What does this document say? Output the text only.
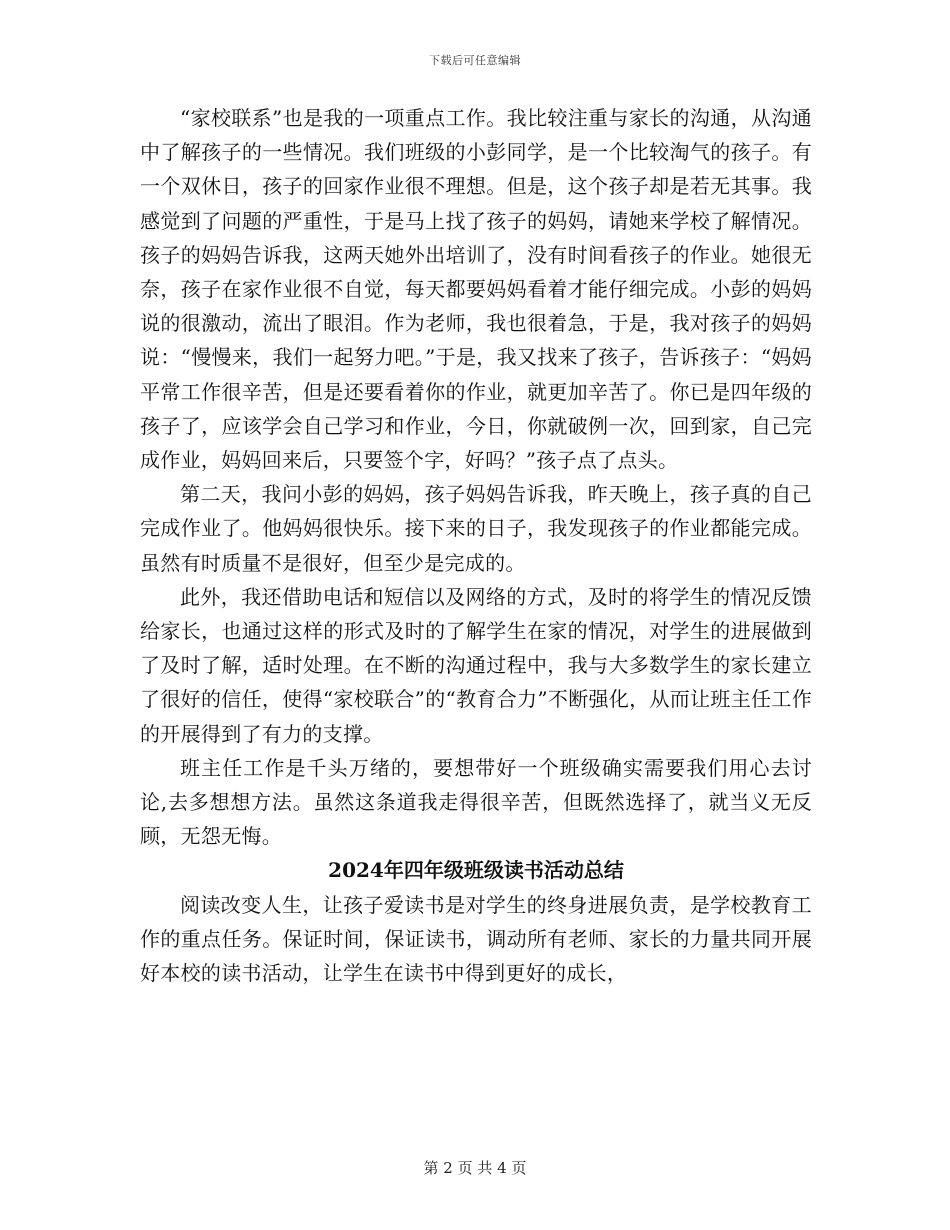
下载后可任意编辑

“家校联系”也是我的一项重点工作。我比较注重与家长的沟通，从沟通中了解孩子的一些情况。我们班级的小彭同学，是一个比较淘气的孩子。有一个双休日，孩子的回家作业很不理想。但是，这个孩子却是若无其事。我感觉到了问题的严重性，于是马上找了孩子的妈妈，请她来学校了解情况。孩子的妈妈告诉我，这两天她外出培训了，没有时间看孩子的作业。她很无奈，孩子在家作业很不自觉，每天都要妈妈看着才能仔细完成。小彭的妈妈说的很激动，流出了眼泪。作为老师，我也很着急，于是，我对孩子的妈妈说：“慢慢来，我们一起努力吧。”于是，我又找来了孩子，告诉孩子：“妈妈平常工作很辛苦，但是还要看着你的作业，就更加辛苦了。你已是四年级的孩子了，应该学会自己学习和作业，今日，你就破例一次，回到家，自己完成作业，妈妈回来后，只要签个字，好吗？”孩子点了点头。

第二天，我问小彭的妈妈，孩子妈妈告诉我，昨天晚上，孩子真的自己完成作业了。他妈妈很快乐。接下来的日子，我发现孩子的作业都能完成。虽然有时质量不是很好，但至少是完成的。

此外，我还借助电话和短信以及网络的方式，及时的将学生的情况反馈给家长，也通过这样的形式及时的了解学生在家的情况，对学生的进展做到了及时了解，适时处理。在不断的沟通过程中，我与大多数学生的家长建立了很好的信任，使得“家校联合”的“教育合力”不断强化，从而让班主任工作的开展得到了有力的支撑。

班主任工作是千头万绪的，要想带好一个班级确实需要我们用心去讨论,去多想想方法。虽然这条道我走得很辛苦，但既然选择了，就当义无反顾，无怨无悔。

2024年四年级班级读书活动总结

阅读改变人生，让孩子爱读书是对学生的终身进展负责，是学校教育工作的重点任务。保证时间，保证读书，调动所有老师、家长的力量共同开展好本校的读书活动，让学生在读书中得到更好的成长，

第 2 页 共 4 页
